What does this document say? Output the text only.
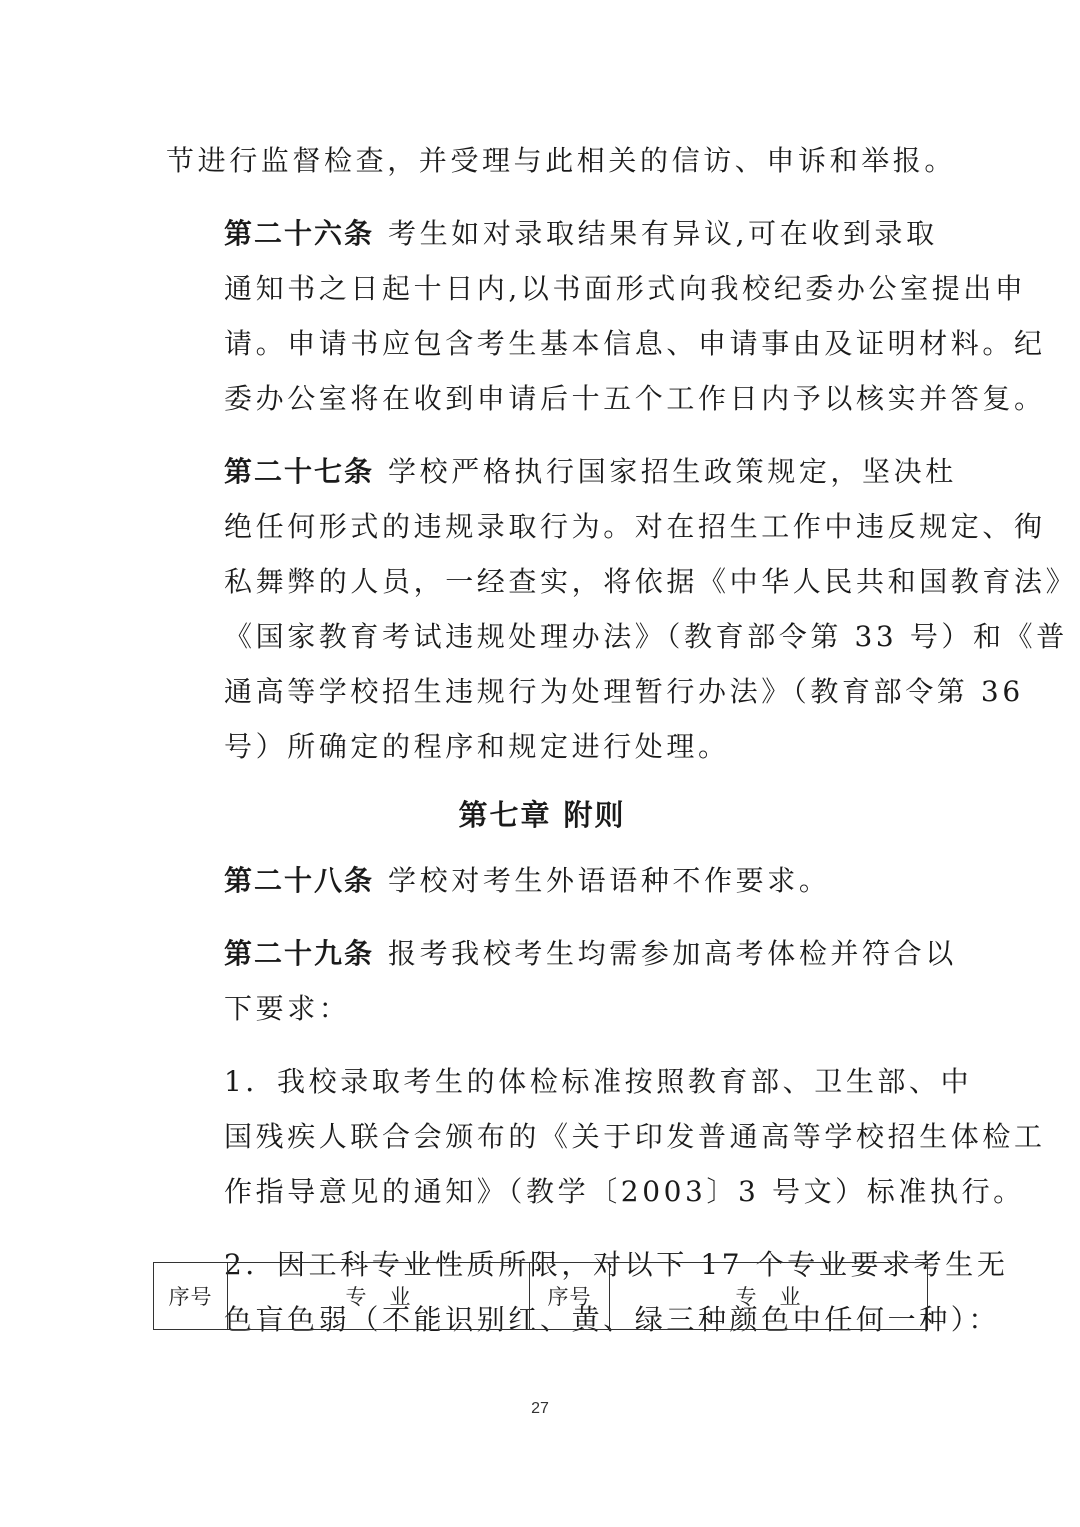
节进行监督检查，并受理与此相关的信访、申诉和举报。

第二十六条 考生如对录取结果有异议,可在收到录取
通知书之日起十日内,以书面形式向我校纪委办公室提出申
请。申请书应包含考生基本信息、申请事由及证明材料。纪
委办公室将在收到申请后十五个工作日内予以核实并答复。

第二十七条 学校严格执行国家招生政策规定，坚决杜
绝任何形式的违规录取行为。对在招生工作中违反规定、徇
私舞弊的人员，一经查实，将依据《中华人民共和国教育法》
《国家教育考试违规处理办法》（教育部令第 33 号）和《普
通高等学校招生违规行为处理暂行办法》（教育部令第 36
号）所确定的程序和规定进行处理。

第七章 附则

第二十八条 学校对考生外语语种不作要求。

第二十九条 报考我校考生均需参加高考体检并符合以
下要求：

1．我校录取考生的体检标准按照教育部、卫生部、中
国残疾人联合会颁布的《关于印发普通高等学校招生体检工
作指导意见的通知》（教学〔2003〕3 号文）标准执行。

2．因工科专业性质所限，对以下 17 个专业要求考生无
色盲色弱（不能识别红、黄、绿三种颜色中任何一种）：

序号	专　业	序号	专　业
27
